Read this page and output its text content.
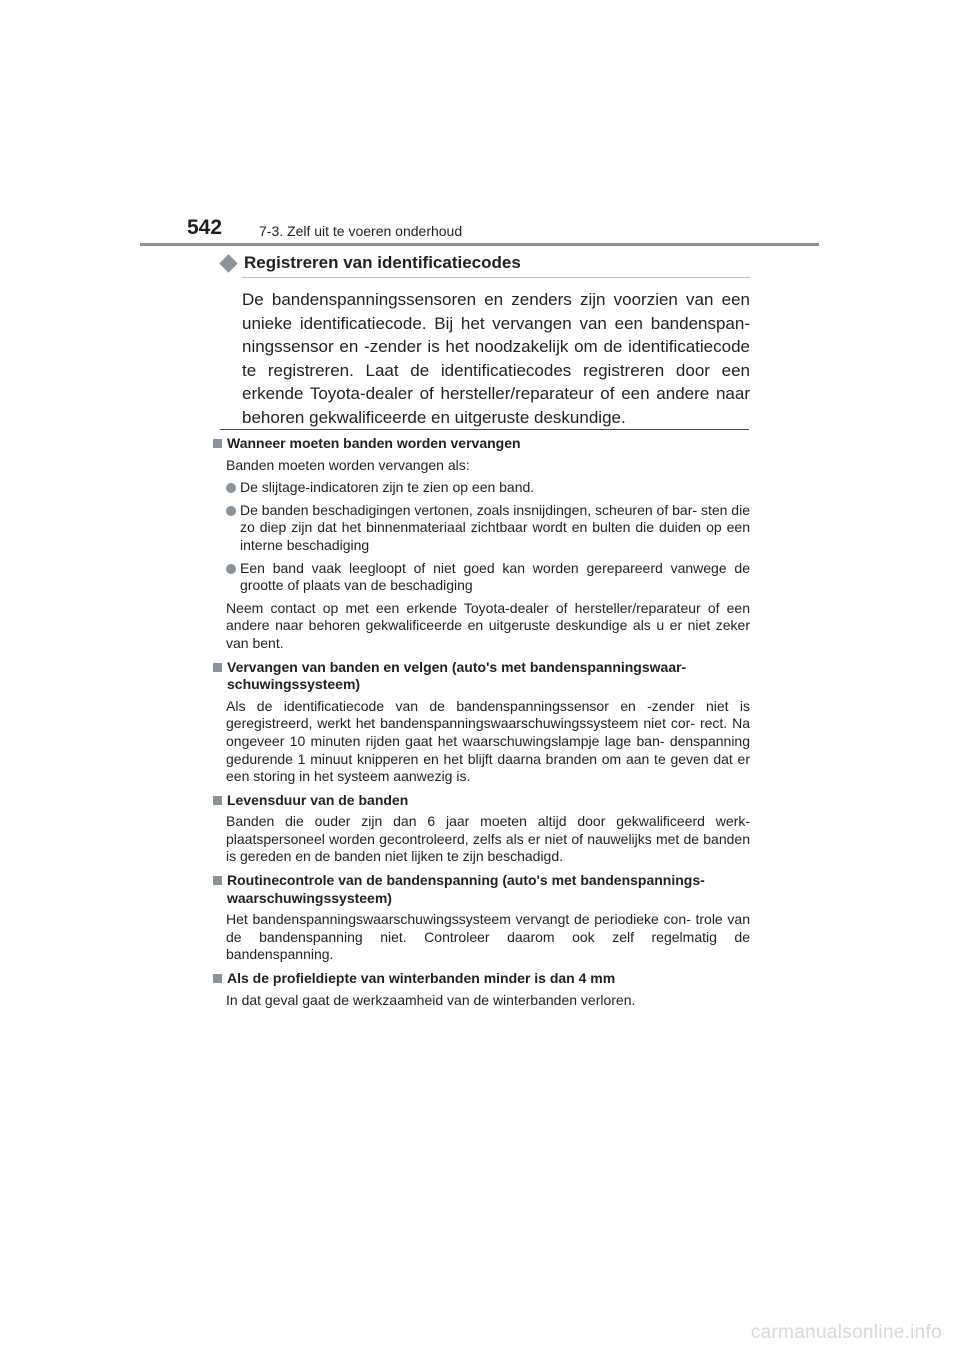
542	7-3. Zelf uit te voeren onderhoud
Registreren van identificatiecodes
De bandenspanningssensoren en zenders zijn voorzien van een unieke identificatiecode. Bij het vervangen van een bandenspan- ningssensor en -zender is het noodzakelijk om de identificatiecode te registreren. Laat de identificatiecodes registreren door een erkende Toyota-dealer of hersteller/reparateur of een andere naar behoren gekwalificeerde en uitgeruste deskundige.
Wanneer moeten banden worden vervangen
Banden moeten worden vervangen als:
De slijtage-indicatoren zijn te zien op een band.
De banden beschadigingen vertonen, zoals insnijdingen, scheuren of bar- sten die zo diep zijn dat het binnenmateriaal zichtbaar wordt en bulten die duiden op een interne beschadiging
Een band vaak leegloopt of niet goed kan worden gerepareerd vanwege de grootte of plaats van de beschadiging
Neem contact op met een erkende Toyota-dealer of hersteller/reparateur of een andere naar behoren gekwalificeerde en uitgeruste deskundige als u er niet zeker van bent.
Vervangen van banden en velgen (auto's met bandenspanningswaar- schuwingssysteem)
Als de identificatiecode van de bandenspanningssensor en -zender niet is geregistreerd, werkt het bandenspanningswaarschuwingssysteem niet cor- rect. Na ongeveer 10 minuten rijden gaat het waarschuwingslampje lage ban- denspanning gedurende 1 minuut knipperen en het blijft daarna branden om aan te geven dat er een storing in het systeem aanwezig is.
Levensduur van de banden
Banden die ouder zijn dan 6 jaar moeten altijd door gekwalificeerd werk- plaatspersoneel worden gecontroleerd, zelfs als er niet of nauwelijks met de banden is gereden en de banden niet lijken te zijn beschadigd.
Routinecontrole van de bandenspanning (auto's met bandenspannings- waarschuwingssysteem)
Het bandenspanningswaarschuwingssysteem vervangt de periodieke con- trole van de bandenspanning niet. Controleer daarom ook zelf regelmatig de bandenspanning.
Als de profieldiepte van winterbanden minder is dan 4 mm
In dat geval gaat de werkzaamheid van de winterbanden verloren.
carmanualsonline.info
